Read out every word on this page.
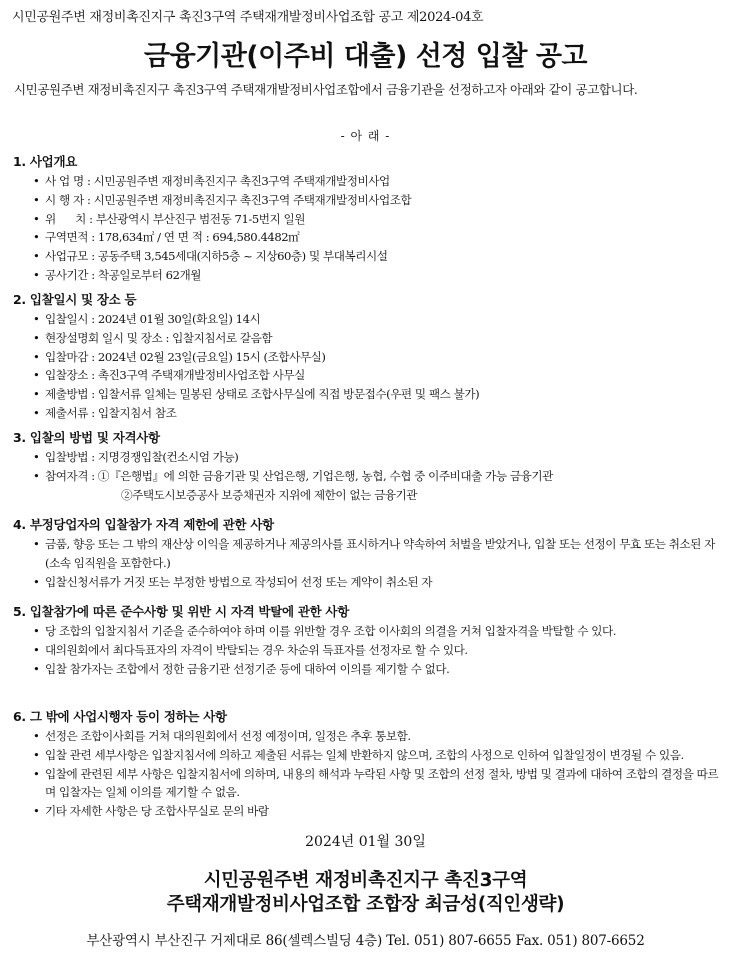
시민공원주변 재정비촉진지구 촉진3구역 주택재개발정비사업조합 공고 제2024-04호
금융기관(이주비 대출) 선정 입찰 공고
시민공원주변 재정비촉진지구 촉진3구역 주택재개발정비사업조합에서 금융기관을 선정하고자 아래와 같이 공고합니다.
- 아 래 -
1. 사업개요
• 사 업 명 : 시민공원주변 재정비촉진지구 촉진3구역 주택재개발정비사업
• 시 행 자 : 시민공원주변 재정비촉진지구 촉진3구역 주택재개발정비사업조합
• 위      치 : 부산광역시 부산진구 범전동 71-5번지 일원
• 구역면적 : 178,634㎡ / 연 면 적 : 694,580.4482㎡
• 사업규모 : 공동주택 3,545세대(지하5층 ~ 지상60층) 및 부대복리시설
• 공사기간 : 착공일로부터 62개월
2. 입찰일시 및 장소 등
• 입찰일시 : 2024년 01월 30일(화요일) 14시
• 현장설명회 일시 및 장소 : 입찰지침서로 갈음함
• 입찰마감 : 2024년 02월 23일(금요일) 15시 (조합사무실)
• 입찰장소 : 촉진3구역 주택재개발정비사업조합 사무실
• 제출방법 : 입찰서류 일체는 밀봉된 상태로 조합사무실에 직접 방문접수(우편 및 팩스 불가)
• 제출서류 : 입찰지침서 참조
3. 입찰의 방법 및 자격사항
• 입찰방법 : 지명경쟁입찰(컨소시엄 가능)
• 참여자격 : ①『은행법』에 의한 금융기관 및 산업은행, 기업은행, 농협, 수협 중 이주비대출 가능 금융기관
②주택도시보증공사 보증채권자 지위에 제한이 없는 금융기관
4. 부정당업자의 입찰참가 자격 제한에 관한 사항
• 금품, 향응 또는 그 밖의 재산상 이익을 제공하거나 제공의사를 표시하거나 약속하여 처벌을 받았거나, 입찰 또는 선정이 무효 또는 취소된 자(소속 임직원을 포함한다.)
• 입찰신청서류가 거짓 또는 부정한 방법으로 작성되어 선정 또는 계약이 취소된 자
5. 입찰참가에 따른 준수사항 및 위반 시 자격 박탈에 관한 사항
• 당 조합의 입찰지침서 기준을 준수하여야 하며 이를 위반할 경우 조합 이사회의 의결을 거쳐 입찰자격을 박탈할 수 있다.
• 대의원회에서 최다득표자의 자격이 박탈되는 경우 차순위 득표자를 선정자로 할 수 있다.
• 입찰 참가자는 조합에서 정한 금융기관 선정기준 등에 대하여 이의를 제기할 수 없다.
6. 그 밖에 사업시행자 등이 정하는 사항
• 선정은 조합이사회를 거쳐 대의원회에서 선정 예정이며, 일정은 추후 통보함.
• 입찰 관련 세부사항은 입찰지침서에 의하고 제출된 서류는 일체 반환하지 않으며, 조합의 사정으로 인하여 입찰일정이 변경될 수 있음.
• 입찰에 관련된 세부 사항은 입찰지침서에 의하며, 내용의 해석과 누락된 사항 및 조합의 선정 절차, 방법 및 결과에 대하여 조합의 결정을 따르며 입찰자는 일체 이의를 제기할 수 없음.
• 기타 자세한 사항은 당 조합사무실로 문의 바람
2024년 01월 30일
시민공원주변 재정비촉진지구 촉진3구역
주택재개발정비사업조합 조합장 최금성(직인생략)
부산광역시 부산진구 거제대로 86(셀렉스빌딩 4층) Tel. 051) 807-6655 Fax. 051) 807-6652
